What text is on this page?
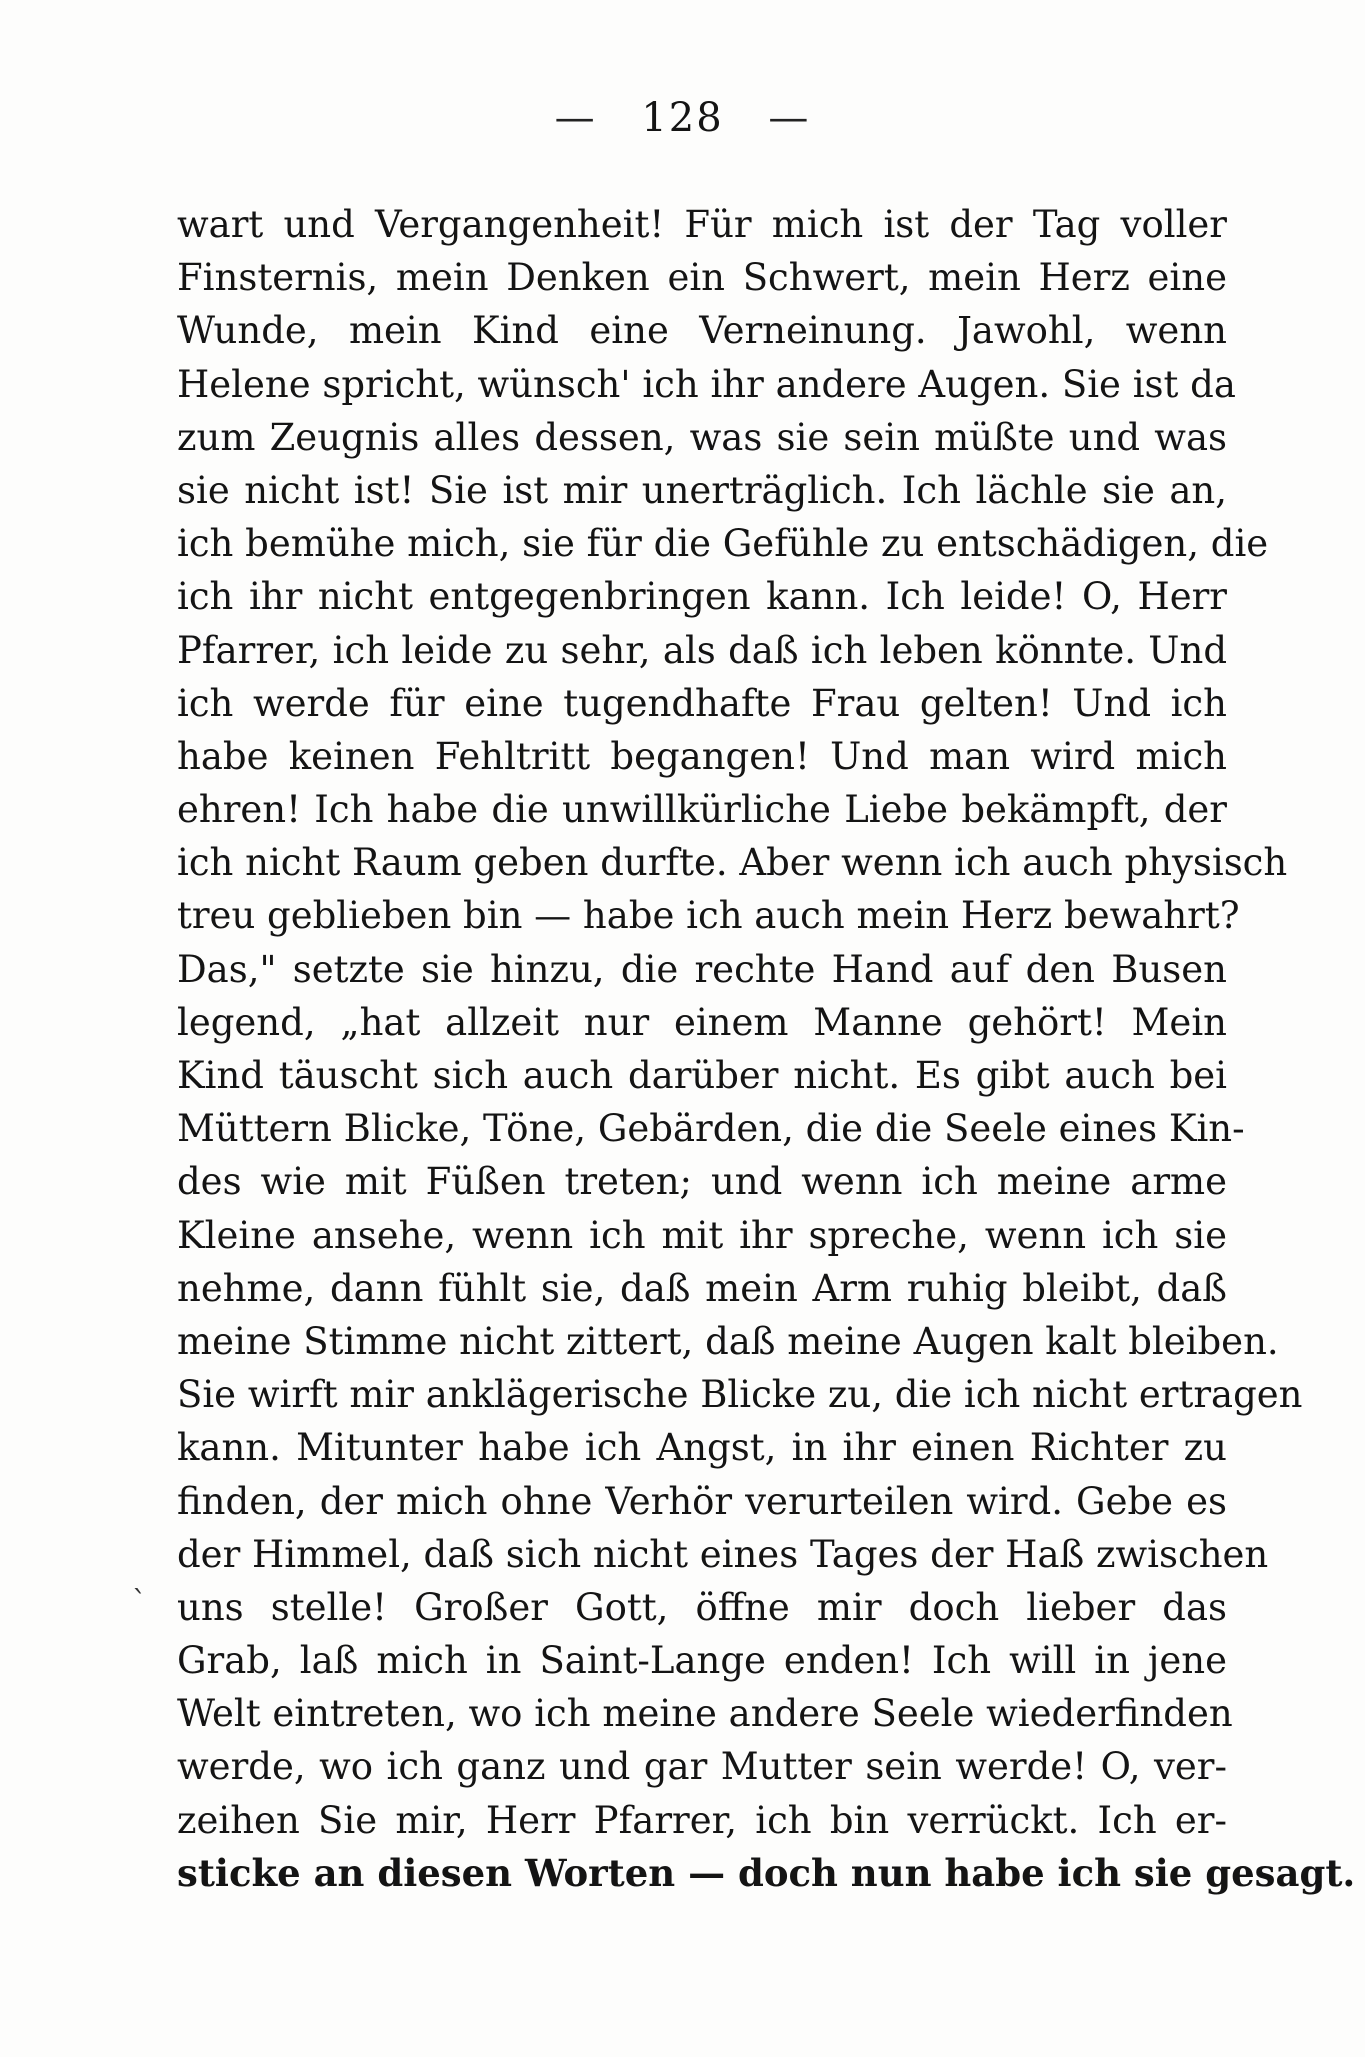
— 128 —
`
wart und Vergangenheit! Für mich ist der Tag voller
Finsternis, mein Denken ein Schwert, mein Herz eine
Wunde, mein Kind eine Verneinung. Jawohl, wenn
Helene spricht, wünsch' ich ihr andere Augen. Sie ist da
zum Zeugnis alles dessen, was sie sein müßte und was
sie nicht ist! Sie ist mir unerträglich. Ich lächle sie an,
ich bemühe mich, sie für die Gefühle zu entschädigen, die
ich ihr nicht entgegenbringen kann. Ich leide! O, Herr
Pfarrer, ich leide zu sehr, als daß ich leben könnte. Und
ich werde für eine tugendhafte Frau gelten! Und ich
habe keinen Fehltritt begangen! Und man wird mich
ehren! Ich habe die unwillkürliche Liebe bekämpft, der
ich nicht Raum geben durfte. Aber wenn ich auch physisch
treu geblieben bin — habe ich auch mein Herz bewahrt?
Das," setzte sie hinzu, die rechte Hand auf den Busen
legend, „hat allzeit nur einem Manne gehört! Mein
Kind täuscht sich auch darüber nicht. Es gibt auch bei
Müttern Blicke, Töne, Gebärden, die die Seele eines Kin-
des wie mit Füßen treten; und wenn ich meine arme
Kleine ansehe, wenn ich mit ihr spreche, wenn ich sie
nehme, dann fühlt sie, daß mein Arm ruhig bleibt, daß
meine Stimme nicht zittert, daß meine Augen kalt bleiben.
Sie wirft mir anklägerische Blicke zu, die ich nicht ertragen
kann. Mitunter habe ich Angst, in ihr einen Richter zu
finden, der mich ohne Verhör verurteilen wird. Gebe es
der Himmel, daß sich nicht eines Tages der Haß zwischen
uns stelle! Großer Gott, öffne mir doch lieber das
Grab, laß mich in Saint-Lange enden! Ich will in jene
Welt eintreten, wo ich meine andere Seele wiederfinden
werde, wo ich ganz und gar Mutter sein werde! O, ver-
zeihen Sie mir, Herr Pfarrer, ich bin verrückt. Ich er-
sticke an diesen Worten — doch nun habe ich sie gesagt.
